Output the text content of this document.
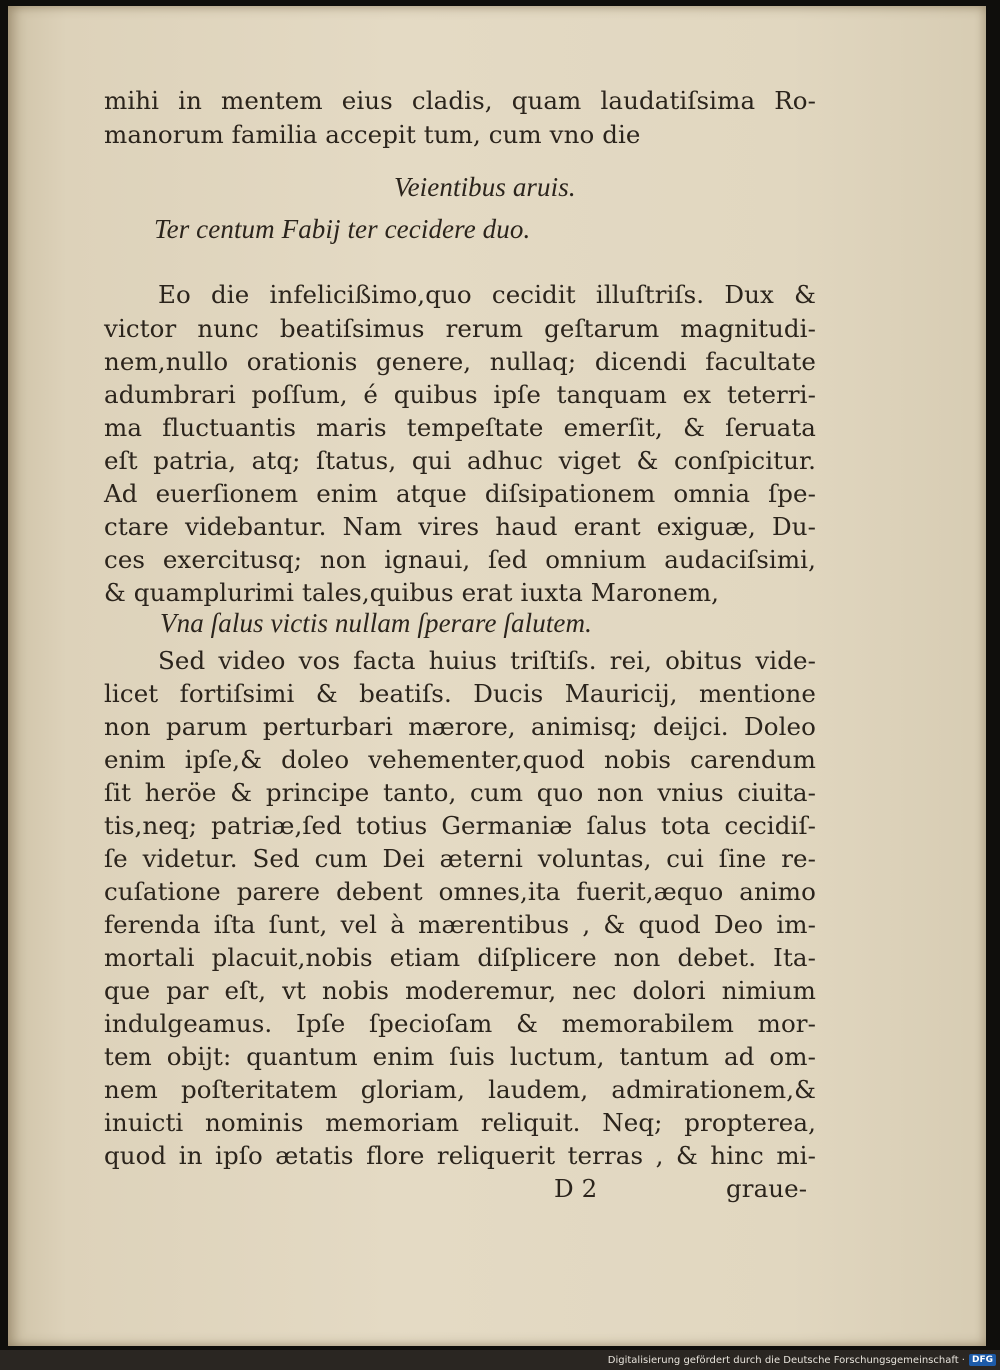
mihi in mentem eius cladis, quam laudatiſsima Ro-
manorum familia accepit tum, cum vno die
Veientibus aruis.
Ter centum Fabij ter cecidere duo.
Eo die infelicißimo,quo cecidit illuſtriſs. Dux &
victor nunc beatiſsimus rerum geſtarum magnitudi-
nem,nullo orationis genere, nullaq; dicendi facultate
adumbrari poſſum, é quibus ipſe tanquam ex teterri-
ma fluctuantis maris tempeſtate emerſit, & ſeruata
eſt patria, atq; ſtatus, qui adhuc viget & conſpicitur.
Ad euerſionem enim atque diſsipationem omnia ſpe-
ctare videbantur. Nam vires haud erant exiguæ, Du-
ces exercitusq; non ignaui, ſed omnium audaciſsimi,
& quamplurimi tales,quibus erat iuxta Maronem,
Vna ſalus victis nullam ſperare ſalutem.
Sed video vos facta huius triſtiſs. rei, obitus vide-
licet fortiſsimi & beatiſs. Ducis Mauricij, mentione
non parum perturbari mærore, animisq; deijci. Doleo
enim ipſe,& doleo vehementer,quod nobis carendum
ſit heröe & principe tanto, cum quo non vnius ciuita-
tis,neq; patriæ,ſed totius Germaniæ ſalus tota cecidiſ-
ſe videtur. Sed cum Dei æterni voluntas, cui ſine re-
cuſatione parere debent omnes,ita fuerit,æquo animo
ferenda iſta ſunt, vel à mærentibus , & quod Deo im-
mortali placuit,nobis etiam diſplicere non debet. Ita-
que par eſt, vt nobis moderemur, nec dolori nimium
indulgeamus. Ipſe ſpecioſam & memorabilem mor-
tem obijt: quantum enim ſuis luctum, tantum ad om-
nem poſteritatem gloriam, laudem, admirationem,&
inuicti nominis memoriam reliquit. Neq; propterea,
quod in ipſo ætatis flore reliquerit terras , & hinc mi-
D 2	graue-
Digitalisierung gefördert durch die Deutsche Forschungsgemeinschaft · DFG
